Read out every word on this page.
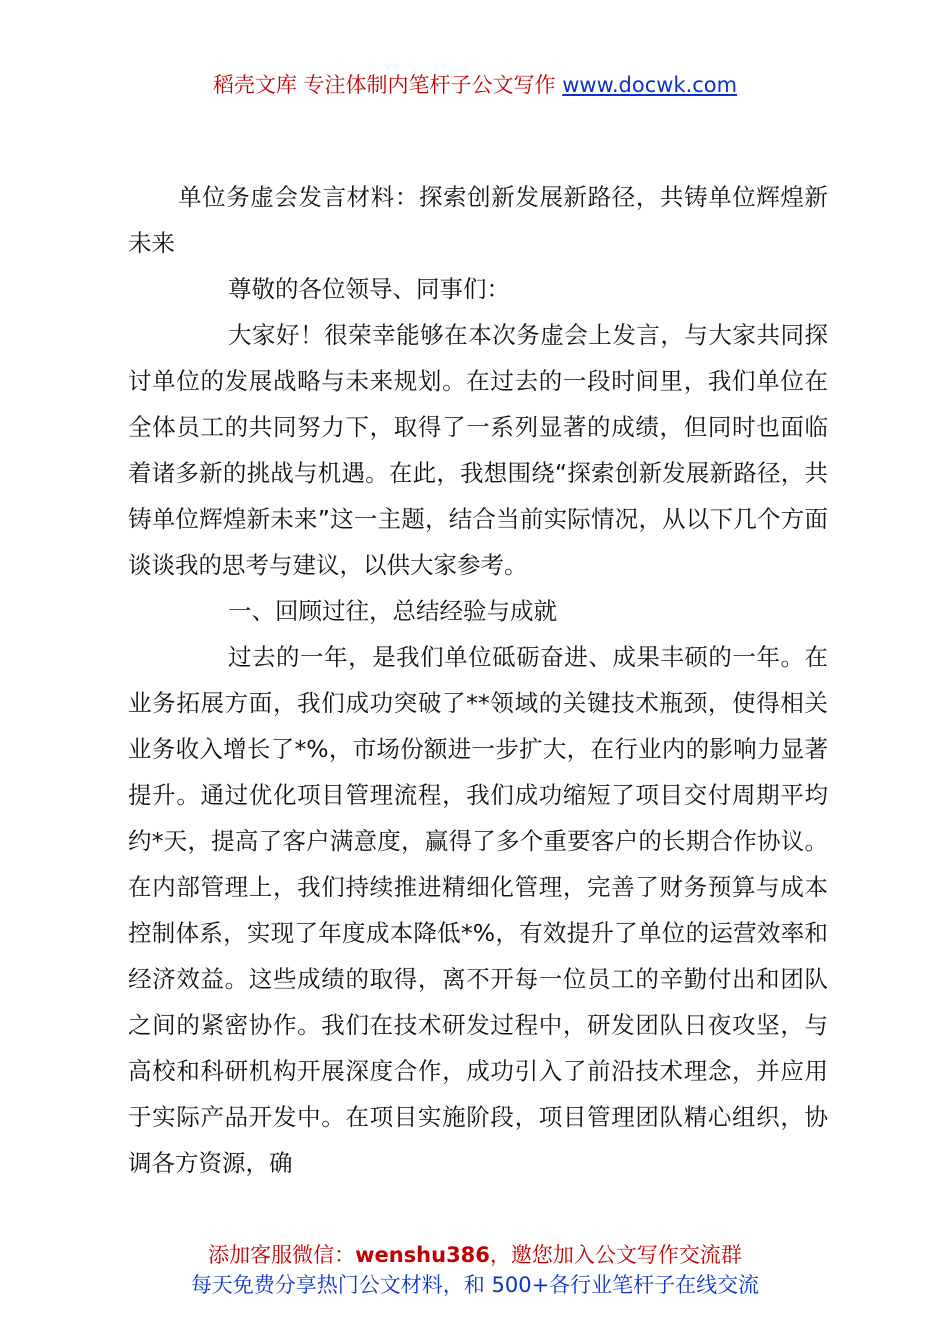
稻壳文库 专注体制内笔杆子公文写作 www.docwk.com

单位务虚会发言材料：探索创新发展新路径，共铸单位辉煌新未来

尊敬的各位领导、同事们：

大家好！很荣幸能够在本次务虚会上发言，与大家共同探讨单位的发展战略与未来规划。在过去的一段时间里，我们单位在全体员工的共同努力下，取得了一系列显著的成绩，但同时也面临着诸多新的挑战与机遇。在此，我想围绕“探索创新发展新路径，共铸单位辉煌新未来”这一主题，结合当前实际情况，从以下几个方面谈谈我的思考与建议，以供大家参考。

一、回顾过往，总结经验与成就

过去的一年，是我们单位砥砺奋进、成果丰硕的一年。在业务拓展方面，我们成功突破了**领域的关键技术瓶颈，使得相关业务收入增长了*%，市场份额进一步扩大，在行业内的影响力显著提升。通过优化项目管理流程，我们成功缩短了项目交付周期平均约*天，提高了客户满意度，赢得了多个重要客户的长期合作协议。在内部管理上，我们持续推进精细化管理，完善了财务预算与成本控制体系，实现了年度成本降低*%，有效提升了单位的运营效率和经济效益。这些成绩的取得，离不开每一位员工的辛勤付出和团队之间的紧密协作。我们在技术研发过程中，研发团队日夜攻坚，与高校和科研机构开展深度合作，成功引入了前沿技术理念，并应用于实际产品开发中。在项目实施阶段，项目管理团队精心组织，协调各方资源，确

添加客服微信：wenshu386，邀您加入公文写作交流群
每天免费分享热门公文材料，和 500+各行业笔杆子在线交流
